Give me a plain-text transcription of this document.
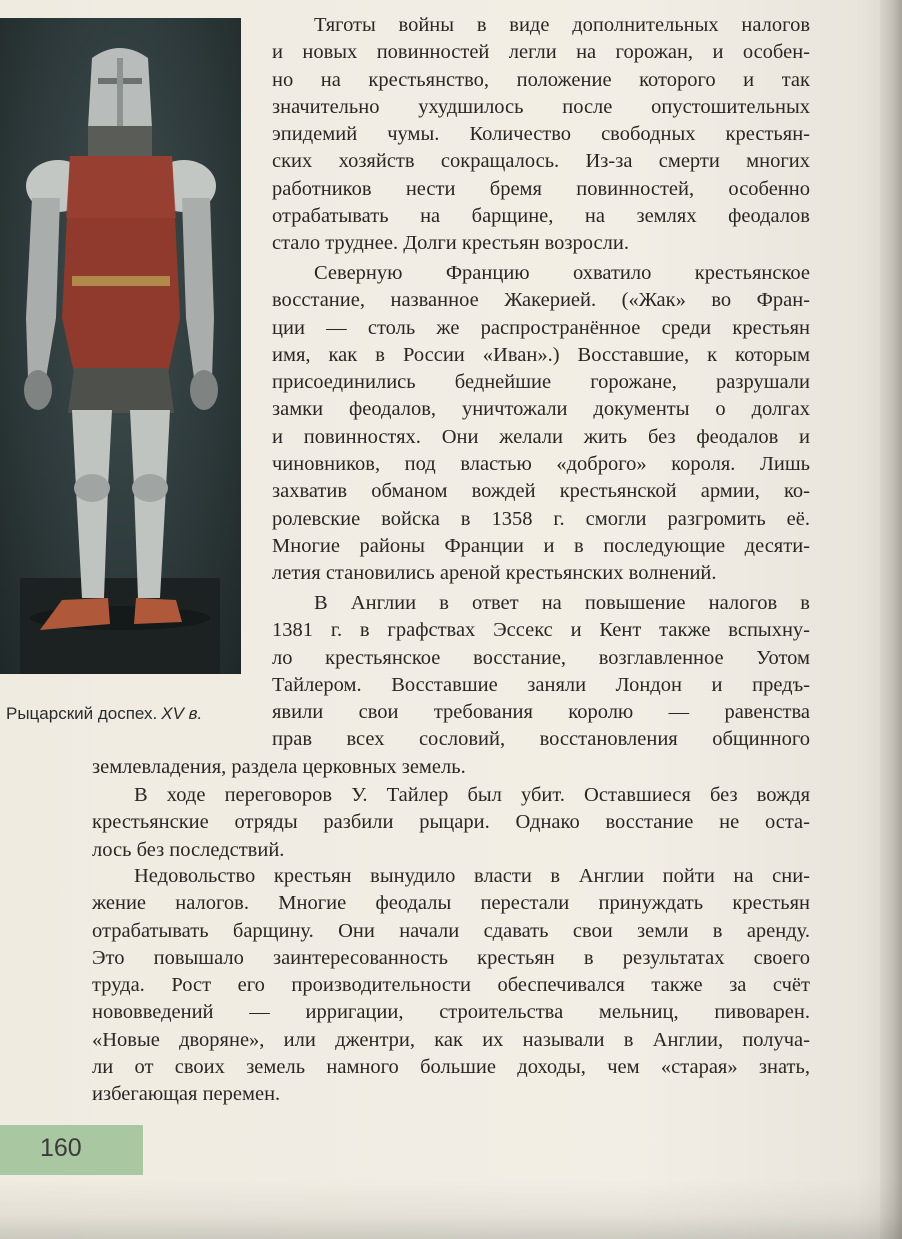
Рыцарский доспех. XV в.
Тяготы войны в виде дополнительных налогов
и новых повинностей легли на горожан, и особен-
но на крестьянство, положение которого и так
значительно ухудшилось после опустошительных
эпидемий чумы. Количество свободных крестьян-
ских хозяйств сокращалось. Из-за смерти многих
работников нести бремя повинностей, особенно
отрабатывать на барщине, на землях феодалов
стало труднее. Долги крестьян возросли.
Северную Францию охватило крестьянское
восстание, названное Жакерией. («Жак» во Фран-
ции — столь же распространённое среди крестьян
имя, как в России «Иван».) Восставшие, к которым
присоединились беднейшие горожане, разрушали
замки феодалов, уничтожали документы о долгах
и повинностях. Они желали жить без феодалов и
чиновников, под властью «доброго» короля. Лишь
захватив обманом вождей крестьянской армии, ко-
ролевские войска в 1358 г. смогли разгромить её.
Многие районы Франции и в последующие десяти-
летия становились ареной крестьянских волнений.
В Англии в ответ на повышение налогов в
1381 г. в графствах Эссекс и Кент также вспыхну-
ло крестьянское восстание, возглавленное Уотом
Тайлером. Восставшие заняли Лондон и предъ-
явили свои требования королю — равенства
прав всех сословий, восстановления общинного
землевладения, раздела церковных земель.
В ходе переговоров У. Тайлер был убит. Оставшиеся без вождя
крестьянские отряды разбили рыцари. Однако восстание не оста-
лось без последствий.
Недовольство крестьян вынудило власти в Англии пойти на сни-
жение налогов. Многие феодалы перестали принуждать крестьян
отрабатывать барщину. Они начали сдавать свои земли в аренду.
Это повышало заинтересованность крестьян в результатах своего
труда. Рост его производительности обеспечивался также за счёт
нововведений — ирригации, строительства мельниц, пивоварен.
«Новые дворяне», или джентри, как их называли в Англии, получа-
ли от своих земель намного большие доходы, чем «старая» знать,
избегающая перемен.
160
